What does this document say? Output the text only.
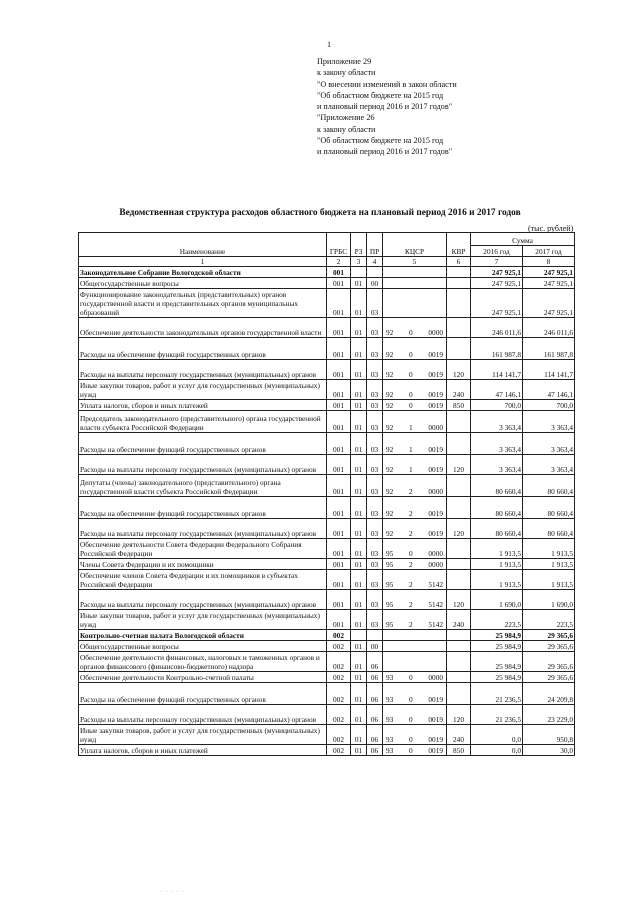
1
Приложение 29
к закону области
"О внесении изменений в закон области
"Об областном бюджете на 2015 год
и плановый период 2016 и 2017 годов"
"Приложение 26
к закону области
"Об областном бюджете на 2015 год
и плановый период 2016 и 2017 годов"
Ведомственная структура расходов областного бюджета на плановый период 2016 и 2017 годов
(тыс. рублей)
Наименование	ГРБС	РЗ	ПР	КЦСР	КВР	Сумма	
						2016 год	2017 год
1	2	3	4	5	6	7	8
Законодательное Собрание Вологодской области	001					247 925,1	247 925,1
Общегосударственные вопросы	001	01	00			247 925,1	247 925,1
Функционирование законодательных (представительных) органов государственной власти и представительных органов муниципальных образований	001	01	03			247 925,1	247 925,1
Обеспечение деятельности законодательных органов государственной власти	001	01	03	92 0 0000		246 011,6	246 011,6
Расходы на обеспечение функций государственных органов	001	01	03	92 0 0019		161 987,8	161 987,8
Расходы на выплаты персоналу государственных (муниципальных) органов	001	01	03	92 0 0019	120	114 141,7	114 141,7
Иные закупки товаров, работ и услуг для государственных (муниципальных) нужд	001	01	03	92 0 0019	240	47 146,1	47 146,1
Уплата налогов, сборов и иных платежей	001	01	03	92 0 0019	850	700,0	700,0
Председатель законодательного (представительного) органа государственной власти субъекта Российской Федерации	001	01	03	92 1 0000		3 363,4	3 363,4
Расходы на обеспечение функций государственных органов	001	01	03	92 1 0019		3 363,4	3 363,4
Расходы на выплаты персоналу государственных (муниципальных) органов	001	01	03	92 1 0019	120	3 363,4	3 363,4
Депутаты (члены) законодательного (представительного) органа государственной власти субъекта Российской Федерации	001	01	03	92 2 0000		80 660,4	80 660,4
Расходы на обеспечение функций государственных органов	001	01	03	92 2 0019		80 660,4	80 660,4
Расходы на выплаты персоналу государственных (муниципальных) органов	001	01	03	92 2 0019	120	80 660,4	80 660,4
Обеспечение деятельности Совета Федерации Федерального Собрания Российской Федерации	001	01	03	95 0 0000		1 913,5	1 913,5
Члены Совета Федерации и их помощники	001	01	03	95 2 0000		1 913,5	1 913,5
Обеспечение членов Совета Федерации и их помощников в субъектах Российской Федерации	001	01	03	95 2 5142		1 913,5	1 913,5
Расходы на выплаты персоналу государственных (муниципальных) органов	001	01	03	95 2 5142	120	1 690,0	1 690,0
Иные закупки товаров, работ и услуг для государственных (муниципальных) нужд	001	01	03	95 2 5142	240	223,5	223,5
Контрольно-счетная палата Вологодской области	002					25 984,9	29 365,6
Общегосударственные вопросы	002	01	00			25 984,9	29 365,6
Обеспечение деятельности финансовых, налоговых и таможенных органов и органов финансового (финансово-бюджетного) надзора	002	01	06			25 984,9	29 365,6
Обеспечение деятельности Контрольно-счетной палаты	002	01	06	93 0 0000		25 984,9	29 365,6
Расходы на обеспечение функций государственных органов	002	01	06	93 0 0019		21 236,5	24 209,8
Расходы на выплаты персоналу государственных (муниципальных) органов	002	01	06	93 0 0019	120	21 236,5	23 229,0
Иные закупки товаров, работ и услуг для государственных (муниципальных) нужд	002	01	06	93 0 0019	240	0,0	950,8
Уплата налогов, сборов и иных платежей	002	01	06	93 0 0019	850	0,0	30,0
· · · · ·
